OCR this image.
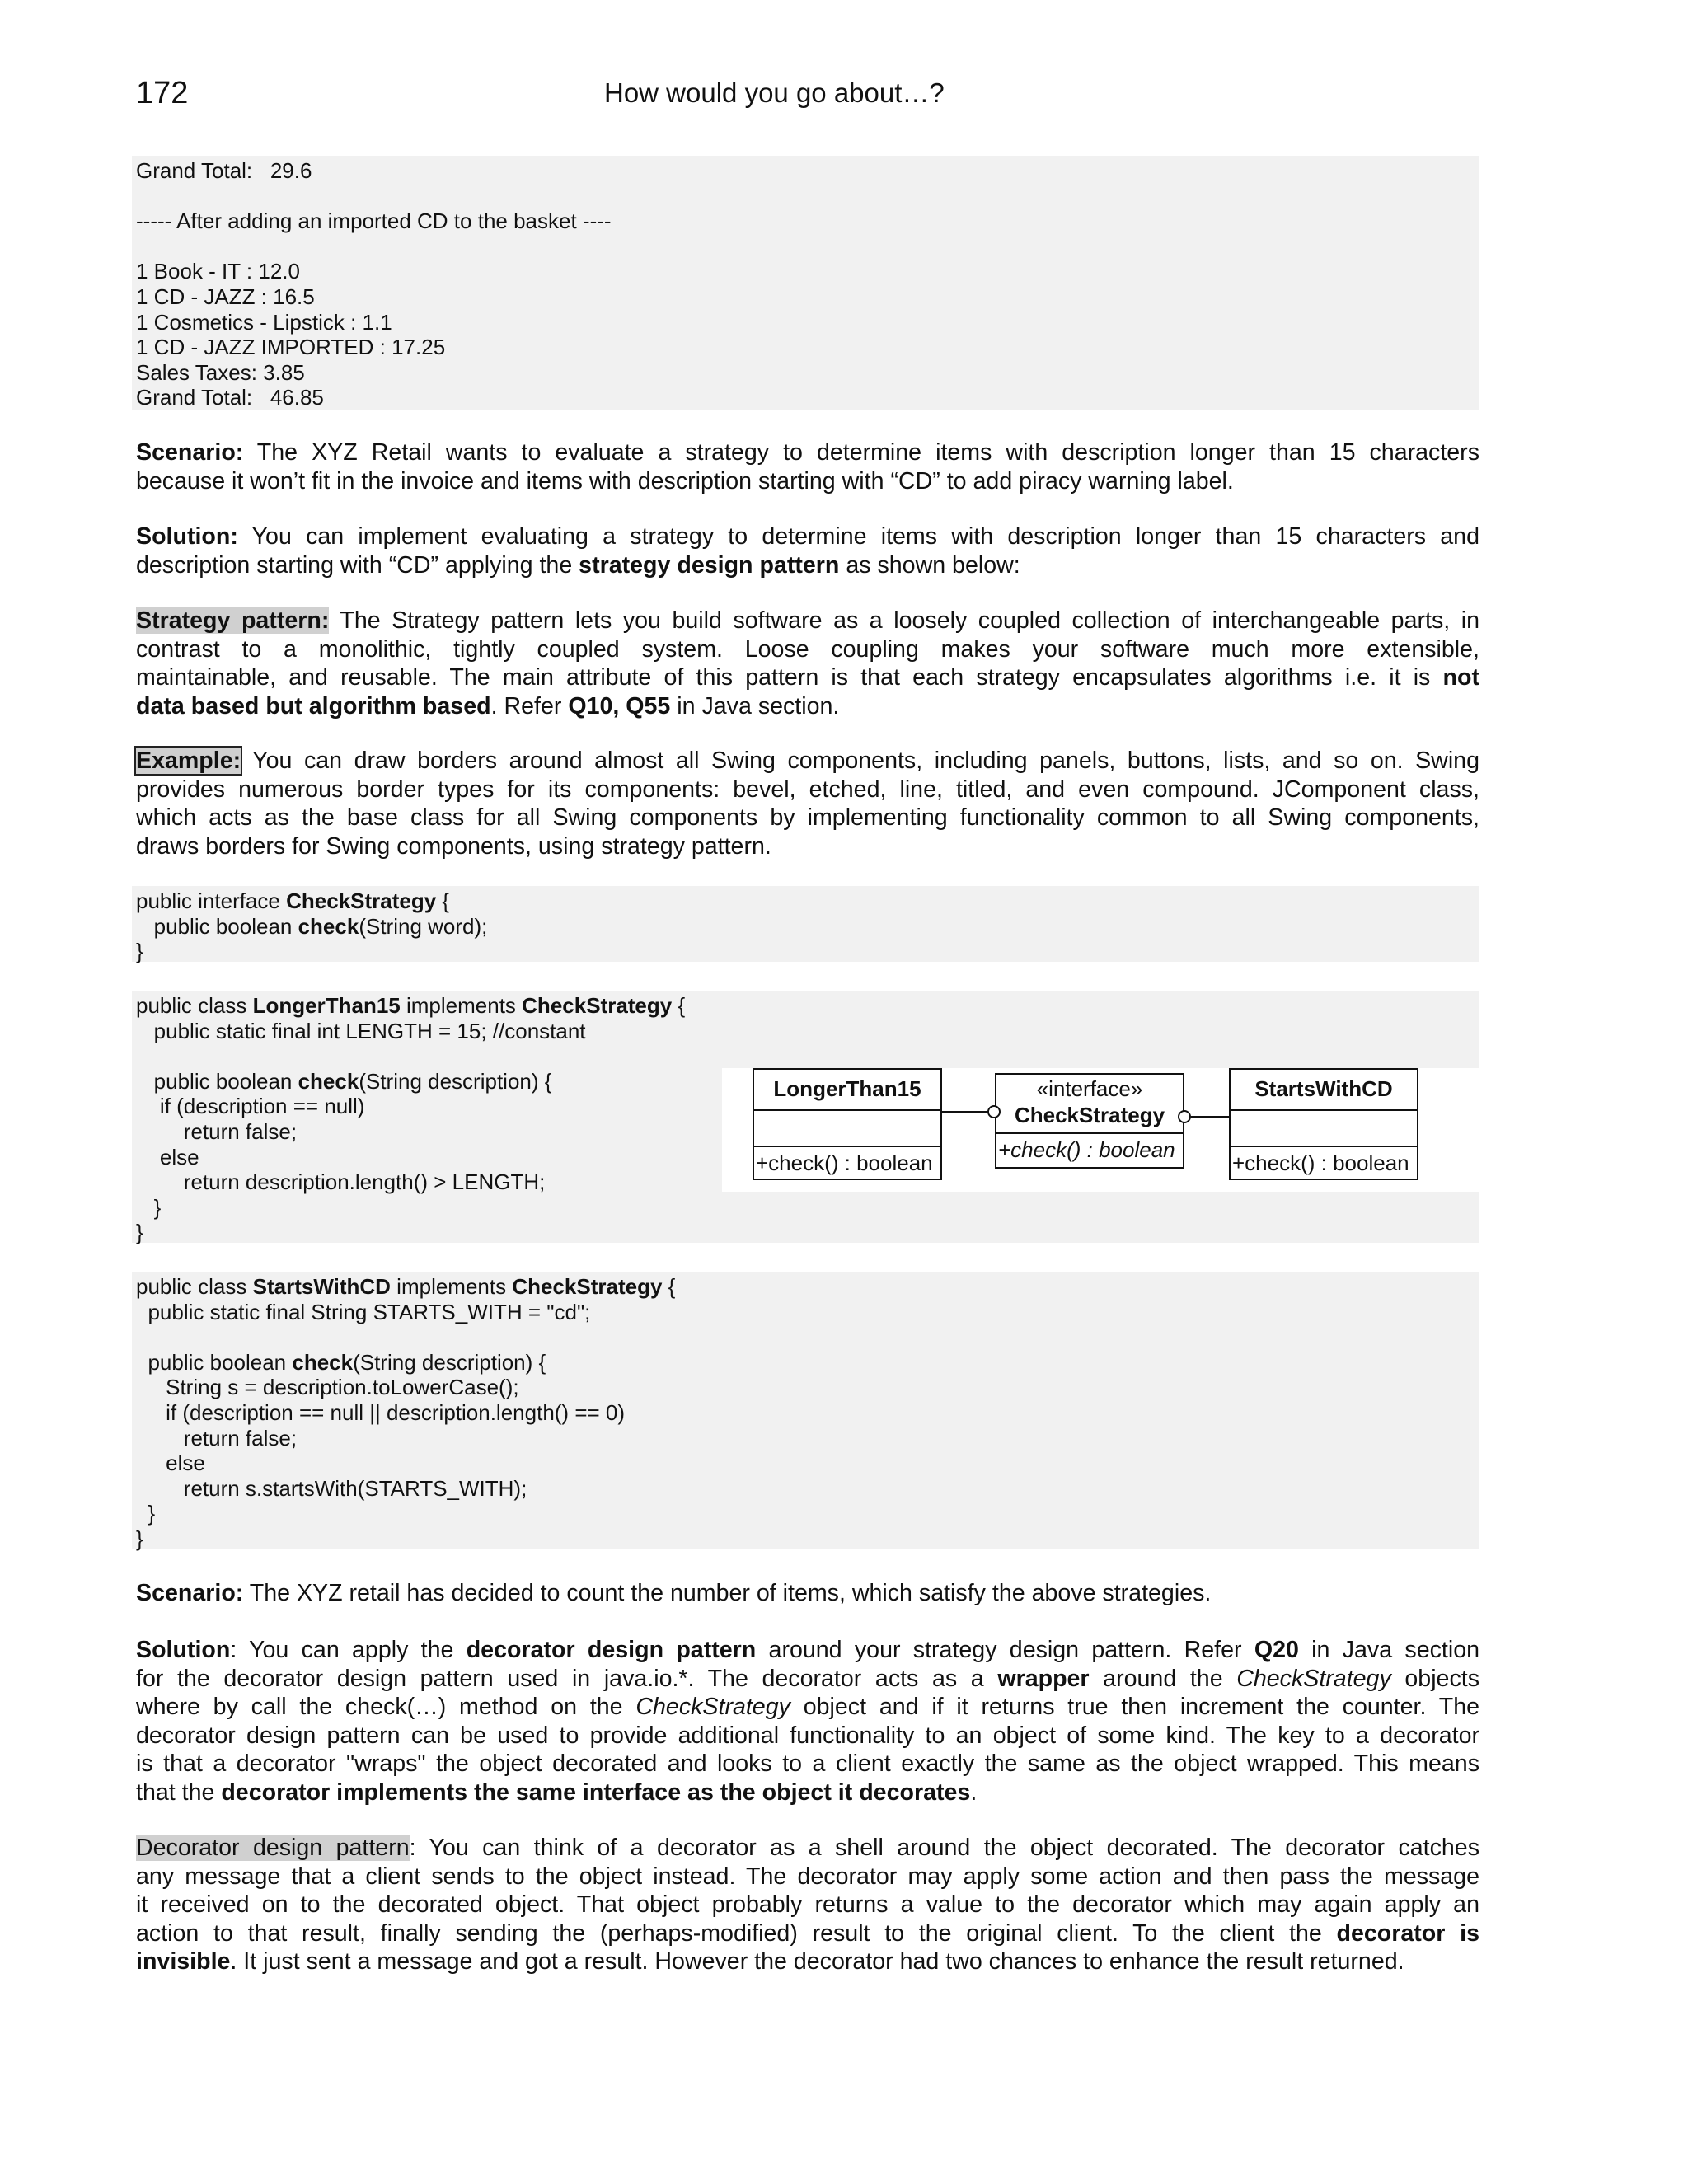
172	How would you go about…?
Grand Total:   29.6
----- After adding an imported CD to the basket ----
1 Book - IT : 12.0
1 CD - JAZZ : 16.5
1 Cosmetics - Lipstick : 1.1
1 CD - JAZZ IMPORTED : 17.25
Sales Taxes: 3.85
Grand Total:   46.85
Scenario: The XYZ Retail wants to evaluate a strategy to determine items with description longer than 15 characters
because it won’t fit in the invoice and items with description starting with “CD” to add piracy warning label.
Solution: You can implement evaluating a strategy to determine items with description longer than 15 characters and
description starting with “CD” applying the strategy design pattern as shown below:
Strategy pattern: The Strategy pattern lets you build software as a loosely coupled collection of interchangeable parts, in
contrast to a monolithic, tightly coupled system. Loose coupling makes your software much more extensible,
maintainable, and reusable. The main attribute of this pattern is that each strategy encapsulates algorithms i.e. it is not
data based but algorithm based. Refer Q10, Q55 in Java section.
Example: You can draw borders around almost all Swing components, including panels, buttons, lists, and so on. Swing
provides numerous border types for its components: bevel, etched, line, titled, and even compound. JComponent class,
which acts as the base class for all Swing components by implementing functionality common to all Swing components,
draws borders for Swing components, using strategy pattern.
public interface CheckStrategy {
public boolean check(String word);
}
public class LongerThan15 implements CheckStrategy {
public static final int LENGTH = 15; //constant
public boolean check(String description) {
if (description == null)
return false;
else
return description.length() > LENGTH;
}
}
public class StartsWithCD implements CheckStrategy {
public static final String STARTS_WITH = "cd";
public boolean check(String description) {
String s = description.toLowerCase();
if (description == null || description.length() == 0)
return false;
else
return s.startsWith(STARTS_WITH);
}
}
Scenario: The XYZ retail has decided to count the number of items, which satisfy the above strategies.
Solution: You can apply the decorator design pattern around your strategy design pattern. Refer Q20 in Java section
for the decorator design pattern used in java.io.*. The decorator acts as a wrapper around the CheckStrategy objects
where by call the check(…) method on the CheckStrategy object and if it returns true then increment the counter. The
decorator design pattern can be used to provide additional functionality to an object of some kind. The key to a decorator
is that a decorator "wraps" the object decorated and looks to a client exactly the same as the object wrapped. This means
that the decorator implements the same interface as the object it decorates.
Decorator design pattern: You can think of a decorator as a shell around the object decorated. The decorator catches
any message that a client sends to the object instead. The decorator may apply some action and then pass the message
it received on to the decorated object. That object probably returns a value to the decorator which may again apply an
action to that result, finally sending the (perhaps-modified) result to the original client. To the client the decorator is
invisible. It just sent a message and got a result. However the decorator had two chances to enhance the result returned.
LongerThan15
+check() : boolean
«interface»
CheckStrategy
+check() : boolean
StartsWithCD
+check() : boolean
